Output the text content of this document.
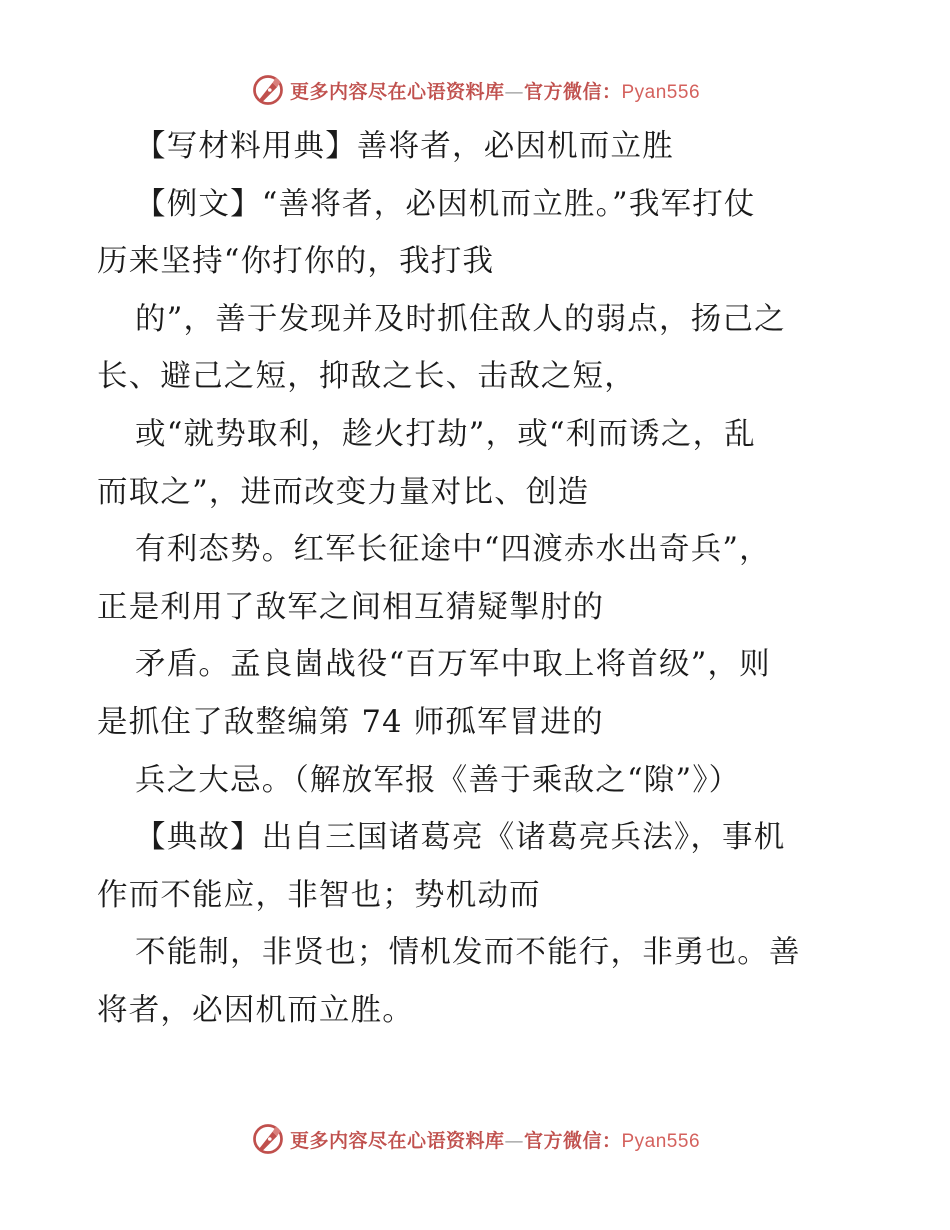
更多内容尽在心语资料库—官方微信：Pyan556
【写材料用典】善将者，必因机而立胜
【例文】“善将者，必因机而立胜。”我军打仗
历来坚持“你打你的，我打我
的”，善于发现并及时抓住敌人的弱点，扬己之
长、避己之短，抑敌之长、击敌之短，
或“就势取利，趁火打劫”，或“利而诱之，乱
而取之”，进而改变力量对比、创造
有利态势。红军长征途中“四渡赤水出奇兵”，
正是利用了敌军之间相互猜疑掣肘的
矛盾。孟良崮战役“百万军中取上将首级”，则
是抓住了敌整编第 74 师孤军冒进的
兵之大忌。（解放军报《善于乘敌之“隙”》）
【典故】出自三国诸葛亮《诸葛亮兵法》，事机
作而不能应，非智也；势机动而
不能制，非贤也；情机发而不能行，非勇也。善
将者，必因机而立胜。
更多内容尽在心语资料库—官方微信：Pyan556
